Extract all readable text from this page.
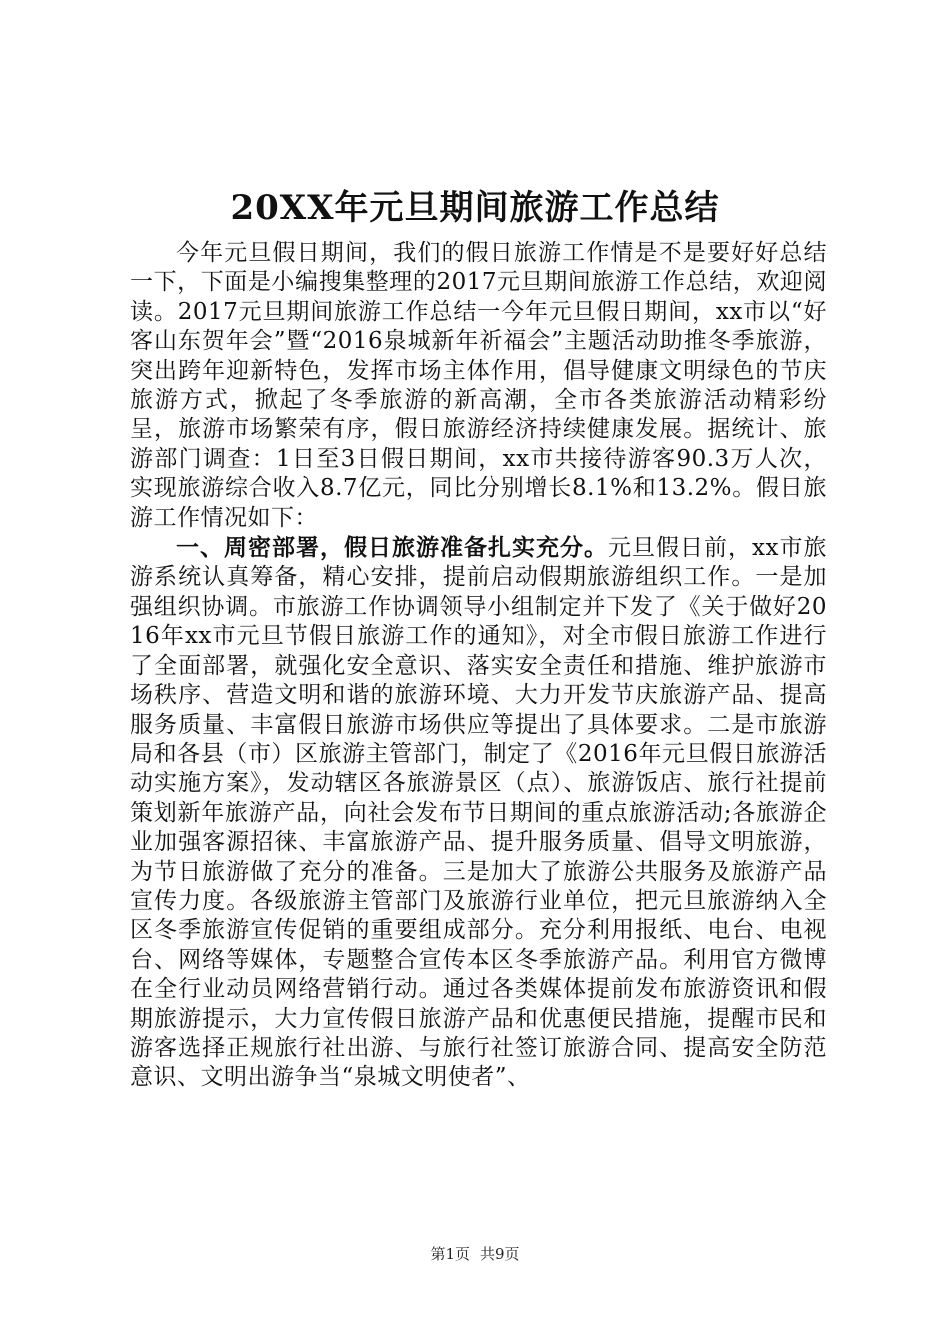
20XX年元旦期间旅游工作总结

今年元旦假日期间，我们的假日旅游工作情是不是要好好总结一下，下面是小编搜集整理的2017元旦期间旅游工作总结，欢迎阅读。2017元旦期间旅游工作总结一今年元旦假日期间，xx市以“好客山东贺年会”暨“2016泉城新年祈福会”主题活动助推冬季旅游，突出跨年迎新特色，发挥市场主体作用，倡导健康文明绿色的节庆旅游方式，掀起了冬季旅游的新高潮，全市各类旅游活动精彩纷呈，旅游市场繁荣有序，假日旅游经济持续健康发展。据统计、旅游部门调查：1日至3日假日期间，xx市共接待游客90.3万人次，实现旅游综合收入8.7亿元，同比分别增长8.1%和13.2%。假日旅游工作情况如下：

一、周密部署，假日旅游准备扎实充分。元旦假日前，xx市旅游系统认真筹备，精心安排，提前启动假期旅游组织工作。一是加强组织协调。市旅游工作协调领导小组制定并下发了《关于做好2016年xx市元旦节假日旅游工作的通知》，对全市假日旅游工作进行了全面部署，就强化安全意识、落实安全责任和措施、维护旅游市场秩序、营造文明和谐的旅游环境、大力开发节庆旅游产品、提高服务质量、丰富假日旅游市场供应等提出了具体要求。二是市旅游局和各县（市）区旅游主管部门，制定了《2016年元旦假日旅游活动实施方案》，发动辖区各旅游景区（点）、旅游饭店、旅行社提前策划新年旅游产品，向社会发布节日期间的重点旅游活动;各旅游企业加强客源招徕、丰富旅游产品、提升服务质量、倡导文明旅游，为节日旅游做了充分的准备。三是加大了旅游公共服务及旅游产品宣传力度。各级旅游主管部门及旅游行业单位，把元旦旅游纳入全区冬季旅游宣传促销的重要组成部分。充分利用报纸、电台、电视台、网络等媒体，专题整合宣传本区冬季旅游产品。利用官方微博在全行业动员网络营销行动。通过各类媒体提前发布旅游资讯和假期旅游提示，大力宣传假日旅游产品和优惠便民措施，提醒市民和游客选择正规旅行社出游、与旅行社签订旅游合同、提高安全防范意识、文明出游争当“泉城文明使者”、

第1页 共9页
